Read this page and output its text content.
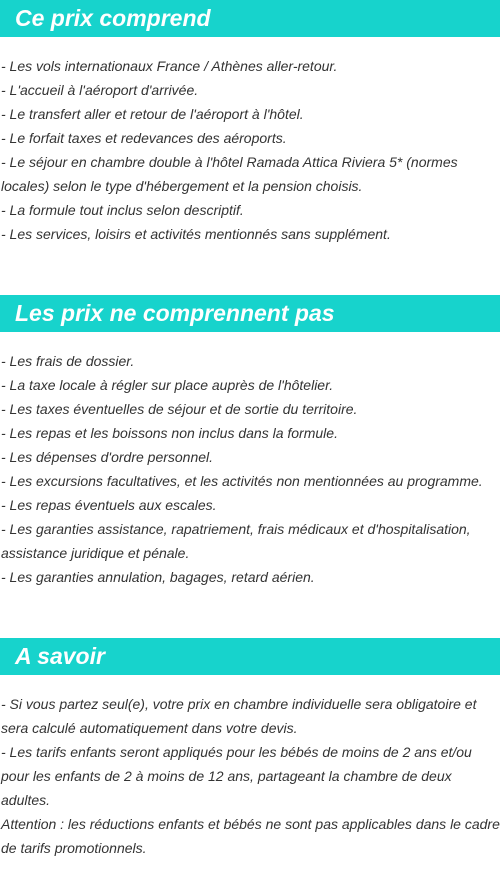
Ce prix comprend

- Les vols internationaux France / Athènes aller-retour.

- L'accueil à l'aéroport d'arrivée.

- Le transfert aller et retour de l'aéroport à l'hôtel.

- Le forfait taxes et redevances des aéroports.

- Le séjour en chambre double à l'hôtel Ramada Attica Riviera 5* (normes locales) selon le type d'hébergement et la pension choisis.

- La formule tout inclus selon descriptif.

- Les services, loisirs et activités mentionnés sans supplément.

Les prix ne comprennent pas

- Les frais de dossier.

- La taxe locale à régler sur place auprès de l'hôtelier.

- Les taxes éventuelles de séjour et de sortie du territoire.

- Les repas et les boissons non inclus dans la formule.

- Les dépenses d'ordre personnel.

- Les excursions facultatives, et les activités non mentionnées au programme.

- Les repas éventuels aux escales.

- Les garanties assistance, rapatriement, frais médicaux et d'hospitalisation, assistance juridique et pénale.

- Les garanties annulation, bagages, retard aérien.

A savoir

- Si vous partez seul(e), votre prix en chambre individuelle sera obligatoire et sera calculé automatiquement dans votre devis.

- Les tarifs enfants seront appliqués pour les bébés de moins de 2 ans et/ou pour les enfants de 2 à moins de 12 ans, partageant la chambre de deux adultes.

Attention : les réductions enfants et bébés ne sont pas applicables dans le cadre de tarifs promotionnels.
